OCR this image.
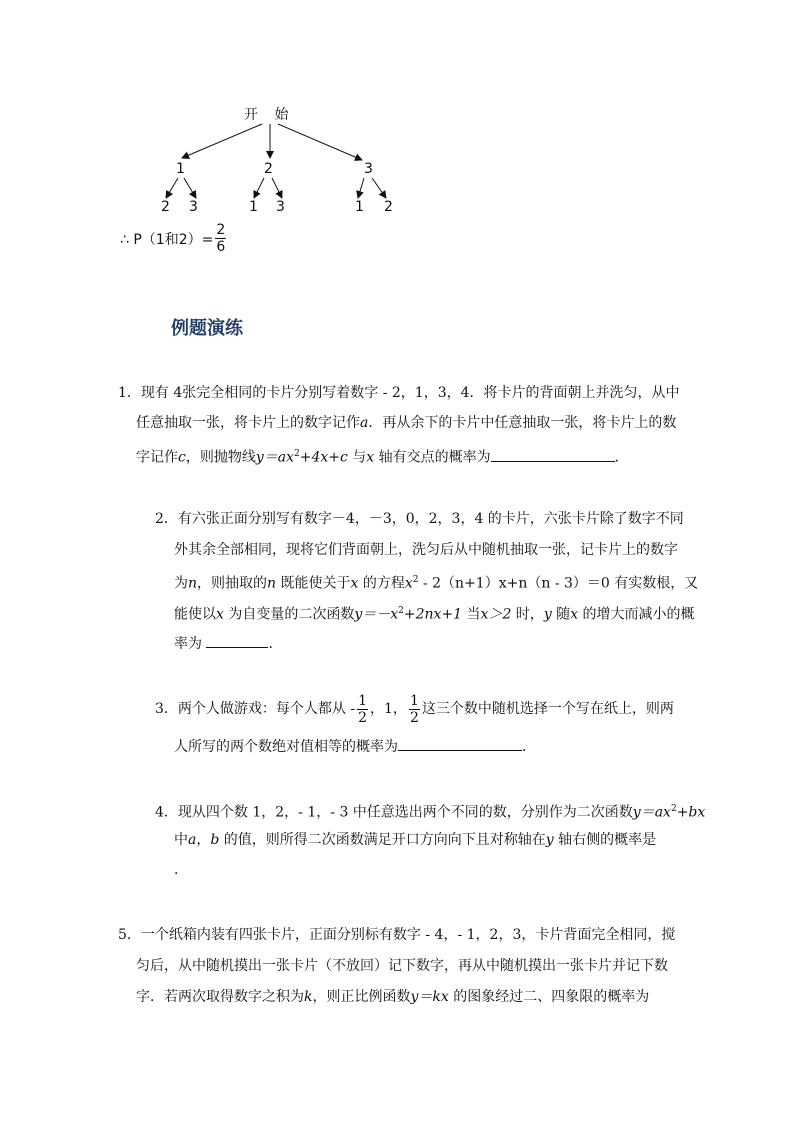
开 始
1	2	3
2 3	1 3	1 2
∴ P（1和$2)= \frac{2}{6}$
例题演练
1．现有 4张完全相同的卡片分别写着数字 - 2，1，3，4．将卡片的背面朝上并洗匀，从中
任意抽取一张，将卡片上的数字记作a．再从余下的卡片中任意抽取一张，将卡片上的数
字记作c，则抛物线$y=ax^2+4x+c$ 与x 轴有交点的概率为	．
2．有六张正面分别写有数字－4，－3，0，2，3，4 的卡片，六张卡片除了数字不同
外其余全部相同，现将它们背面朝上，洗匀后从中随机抽取一张，记卡片上的数字
为n，则抽取的n 既能使关于x 的方程$x^2 - 2(n+1)x+n(n - 3)=0$ 有实数根，又
能使以x 为自变量的二次函数$y=-x^2+2nx+1$ 当x＞2 时，y 随x 的增大而减小的概
率为	．
3．两个人做游戏：每个人都从 - $\frac{1}{2}$ ，1， $\frac{1}{2}$ 这三个数中随机选择一个写在纸上，则两
人所写的两个数绝对值相等的概率为	．
4．现从四个数 1，2，- 1，- 3 中任意选出两个不同的数，分别作为二次函数$y=ax^2+bx$
中a，b 的值，则所得二次函数满足开口方向向下且对称轴在y 轴右侧的概率是
．
5．一个纸箱内装有四张卡片，正面分别标有数字 - 4，- 1，2，3，卡片背面完全相同，搅
匀后，从中随机摸出一张卡片（不放回）记下数字，再从中随机摸出一张卡片并记下数
字．若两次取得数字之积为k，则正比例函数y＝kx 的图象经过二、四象限的概率为
